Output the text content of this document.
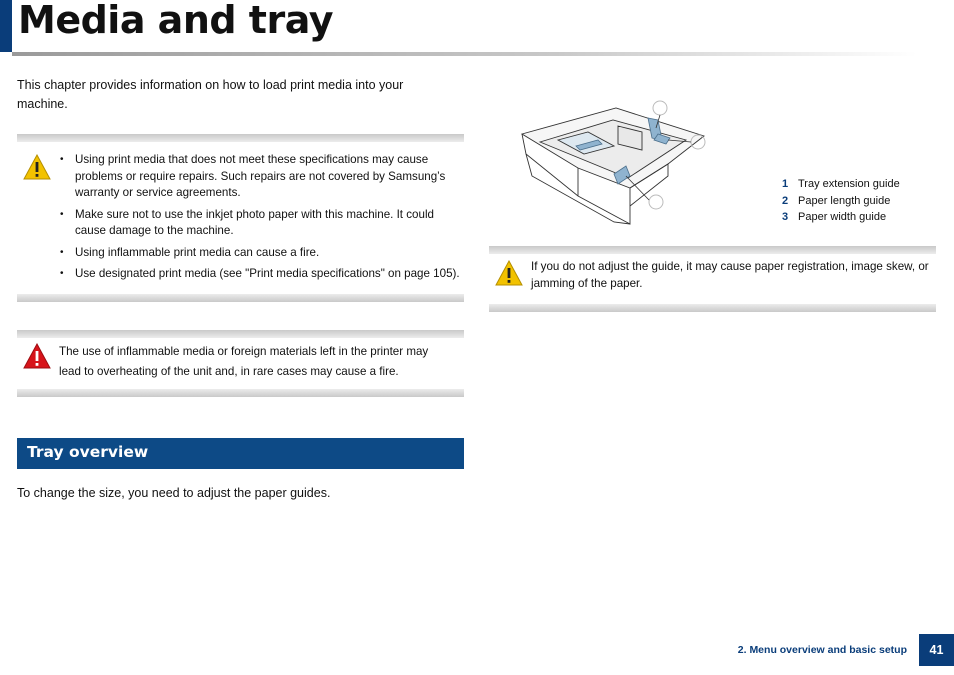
Media and tray

This chapter provides information on how to load print media into your machine.

• Using print media that does not meet these specifications may cause problems or require repairs. Such repairs are not covered by Samsung’s warranty or service agreements.
• Make sure not to use the inkjet photo paper with this machine. It could cause damage to the machine.
• Using inflammable print media can cause a fire.
• Use designated print media (see "Print media specifications" on page 105).

The use of inflammable media or foreign materials left in the printer may
lead to overheating of the unit and, in rare cases may cause a fire.

Tray overview

To change the size, you need to adjust the paper guides.

1 Tray extension guide
2 Paper length guide
3 Paper width guide

If you do not adjust the guide, it may cause paper registration, image skew, or jamming of the paper.

2. Menu overview and basic setup	41
